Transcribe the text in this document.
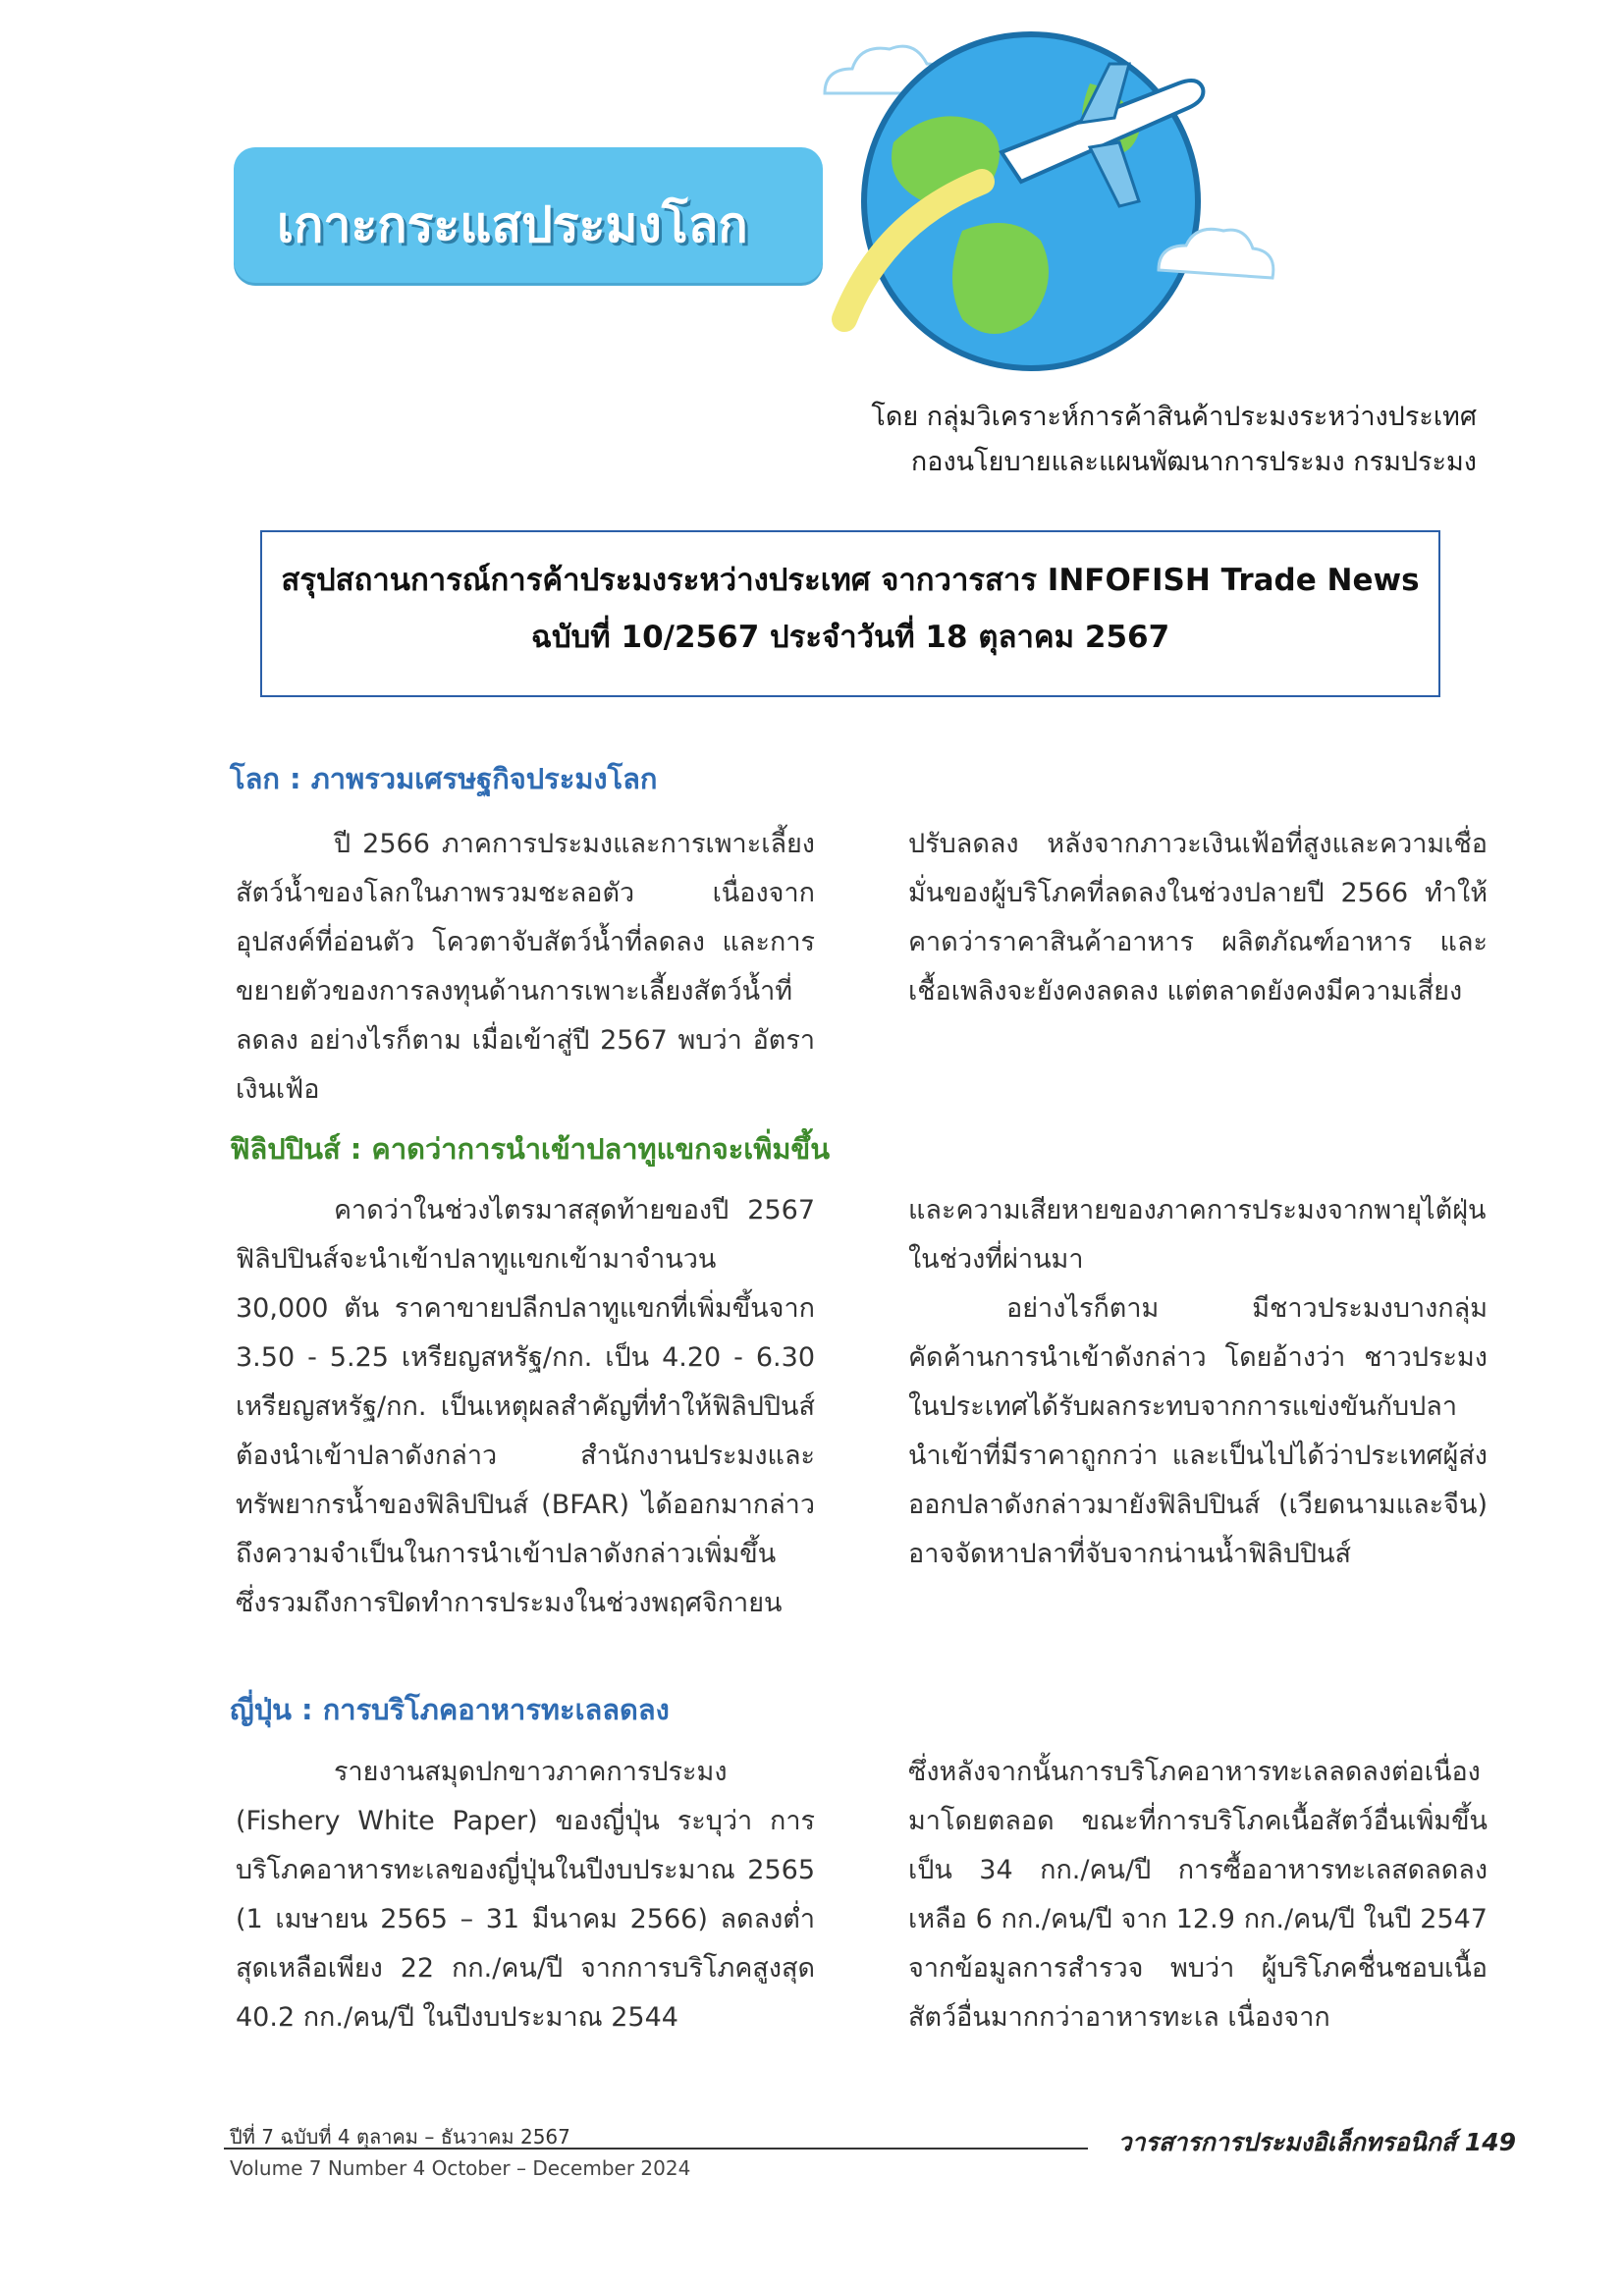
เกาะกระแสประมงโลก
โดย กลุ่มวิเคราะห์การค้าสินค้าประมงระหว่างประเทศ
กองนโยบายและแผนพัฒนาการประมง กรมประมง
สรุปสถานการณ์การค้าประมงระหว่างประเทศ จากวารสาร INFOFISH Trade News
ฉบับที่ 10/2567 ประจำวันที่ 18 ตุลาคม 2567
โลก : ภาพรวมเศรษฐกิจประมงโลก

ปี 2566 ภาคการประมงและการเพาะเลี้ยงสัตว์น้ำของโลกในภาพรวมชะลอตัว เนื่องจากอุปสงค์ที่อ่อนตัว โควตาจับสัตว์น้ำที่ลดลง และการขยายตัวของการลงทุนด้านการเพาะเลี้ยงสัตว์น้ำที่ลดลง อย่างไรก็ตาม เมื่อเข้าสู่ปี 2567 พบว่า อัตราเงินเฟ้อ

ปรับลดลง หลังจากภาวะเงินเฟ้อที่สูงและความเชื่อมั่นของผู้บริโภคที่ลดลงในช่วงปลายปี 2566 ทำให้คาดว่าราคาสินค้าอาหาร ผลิตภัณฑ์อาหาร และเชื้อเพลิงจะยังคงลดลง แต่ตลาดยังคงมีความเสี่ยง

ฟิลิปปินส์ : คาดว่าการนำเข้าปลาทูแขกจะเพิ่มขึ้น

คาดว่าในช่วงไตรมาสสุดท้ายของปี 2567 ฟิลิปปินส์จะนำเข้าปลาทูแขกเข้ามาจำนวน 30,000 ตัน ราคาขายปลีกปลาทูแขกที่เพิ่มขึ้นจาก 3.50 - 5.25 เหรียญสหรัฐ/กก. เป็น 4.20 - 6.30 เหรียญสหรัฐ/กก. เป็นเหตุผลสำคัญที่ทำให้ฟิลิปปินส์ต้องนำเข้าปลาดังกล่าว สำนักงานประมงและทรัพยากรน้ำของฟิลิปปินส์ (BFAR) ได้ออกมากล่าวถึงความจำเป็นในการนำเข้าปลาดังกล่าวเพิ่มขึ้น ซึ่งรวมถึงการปิดทำการประมงในช่วงพฤศจิกายน

และความเสียหายของภาคการประมงจากพายุไต้ฝุ่นในช่วงที่ผ่านมา

อย่างไรก็ตาม มีชาวประมงบางกลุ่มคัดค้านการนำเข้าดังกล่าว โดยอ้างว่า ชาวประมงในประเทศได้รับผลกระทบจากการแข่งขันกับปลานำเข้าที่มีราคาถูกกว่า และเป็นไปได้ว่าประเทศผู้ส่งออกปลาดังกล่าวมายังฟิลิปปินส์ (เวียดนามและจีน) อาจจัดหาปลาที่จับจากน่านน้ำฟิลิปปินส์

ญี่ปุ่น : การบริโภคอาหารทะเลลดลง

รายงานสมุดปกขาวภาคการประมง (Fishery White Paper) ของญี่ปุ่น ระบุว่า การบริโภคอาหารทะเลของญี่ปุ่นในปีงบประมาณ 2565 (1 เมษายน 2565 – 31 มีนาคม 2566) ลดลงต่ำสุดเหลือเพียง 22 กก./คน/ปี จากการบริโภคสูงสุด 40.2 กก./คน/ปี ในปีงบประมาณ 2544

ซึ่งหลังจากนั้นการบริโภคอาหารทะเลลดลงต่อเนื่องมาโดยตลอด ขณะที่การบริโภคเนื้อสัตว์อื่นเพิ่มขึ้นเป็น 34 กก./คน/ปี การซื้ออาหารทะเลสดลดลงเหลือ 6 กก./คน/ปี จาก 12.9 กก./คน/ปี ในปี 2547 จากข้อมูลการสำรวจ พบว่า ผู้บริโภคชื่นชอบเนื้อสัตว์อื่นมากกว่าอาหารทะเล เนื่องจาก

ปีที่ 7 ฉบับที่ 4 ตุลาคม – ธันวาคม 2567
Volume 7 Number 4 October – December 2024
วารสารการประมงอิเล็กทรอนิกส์ 149
